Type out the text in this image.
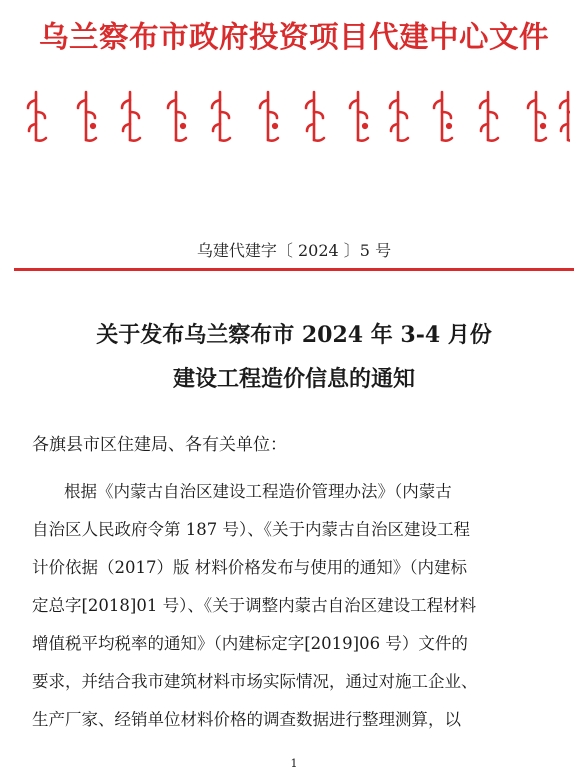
乌兰察布市政府投资项目代建中心文件
乌建代建字〔 2024 〕5 号
关于发布乌兰察布市 2024 年 3-4 月份
建设工程造价信息的通知
各旗县市区住建局、各有关单位：
根据《内蒙古自治区建设工程造价管理办法》（内蒙古
自治区人民政府令第 187 号）、《关于内蒙古自治区建设工程
计价依据（2017）版 材料价格发布与使用的通知》（内建标
定总字[2018]01 号）、《关于调整内蒙古自治区建设工程材料
增值税平均税率的通知》（内建标定字[2019]06 号）文件的
要求，并结合我市建筑材料市场实际情况，通过对施工企业、
生产厂家、经销单位材料价格的调查数据进行整理测算，以
1
